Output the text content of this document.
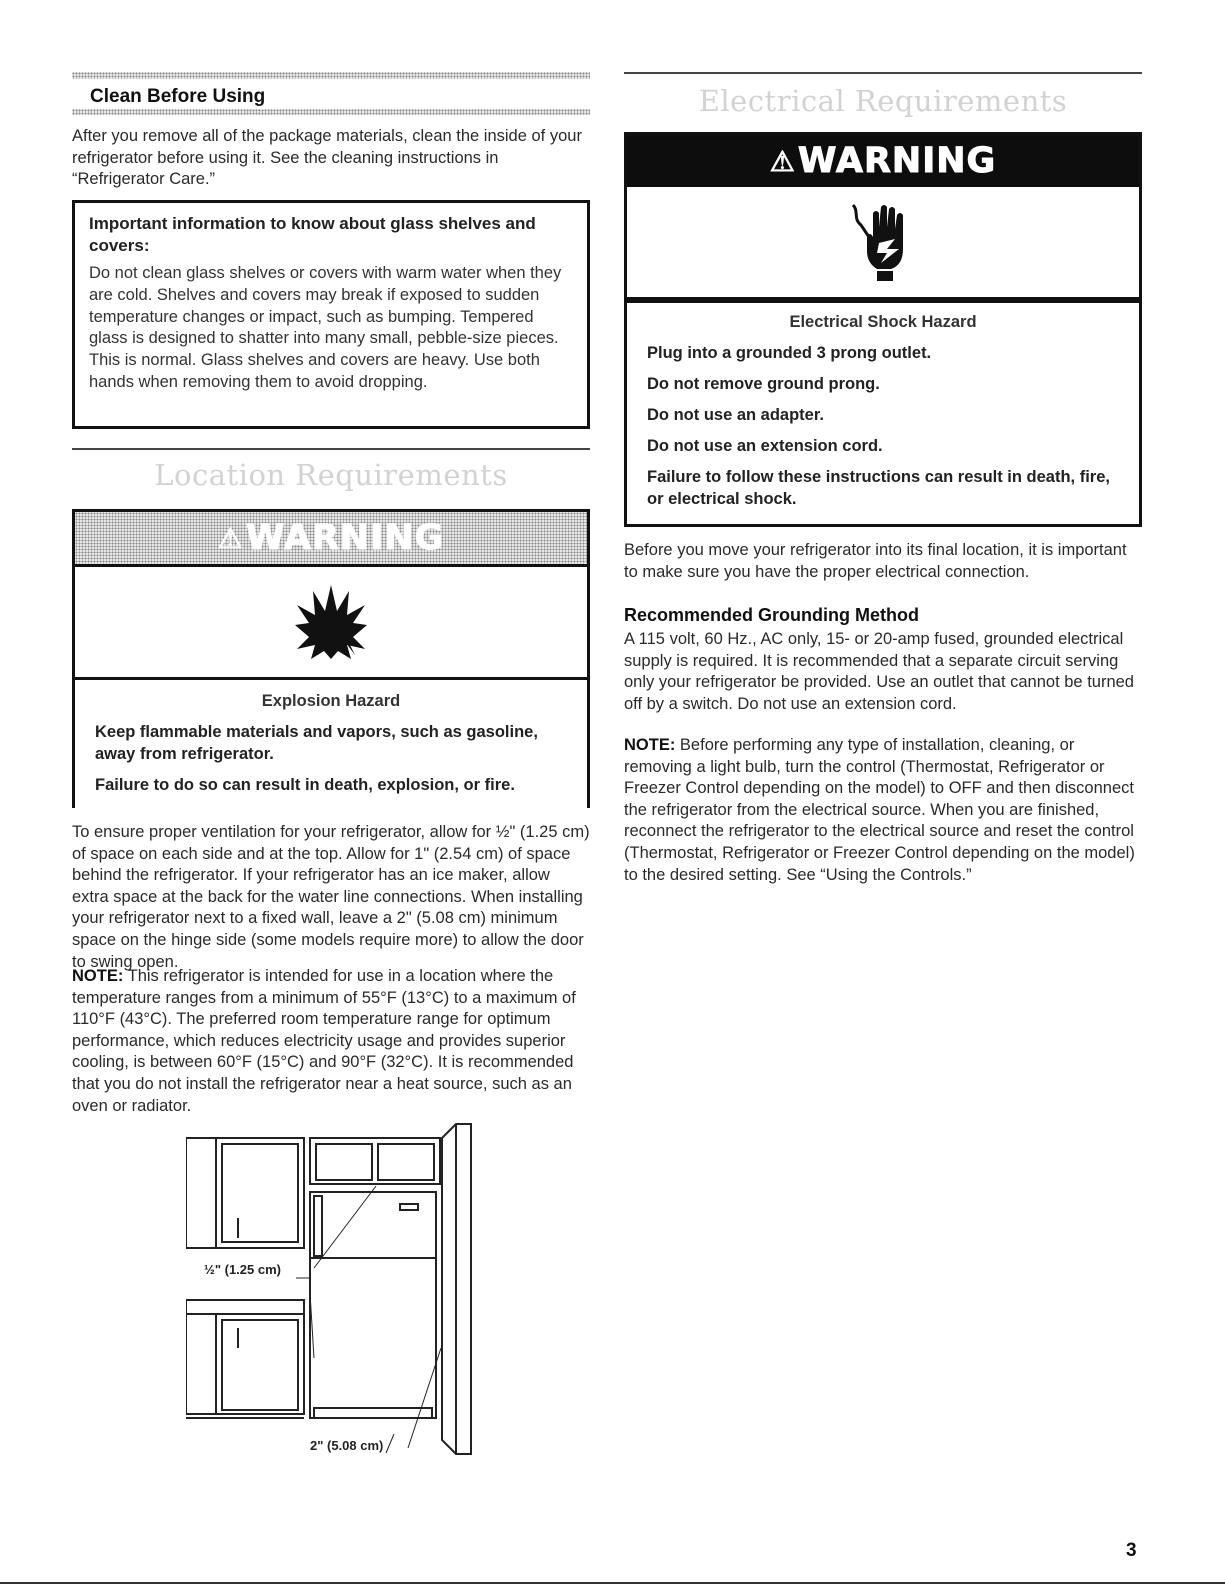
Clean Before Using
After you remove all of the package materials, clean the inside of your refrigerator before using it. See the cleaning instructions in “Refrigerator Care.”
Important information to know about glass shelves and covers:
Do not clean glass shelves or covers with warm water when they are cold. Shelves and covers may break if exposed to sudden temperature changes or impact, such as bumping. Tempered glass is designed to shatter into many small, pebble-size pieces. This is normal. Glass shelves and covers are heavy. Use both hands when removing them to avoid dropping.
Location Requirements
⚠ WARNING
Explosion Hazard
Keep flammable materials and vapors, such as gasoline, away from refrigerator.
Failure to do so can result in death, explosion, or fire.
To ensure proper ventilation for your refrigerator, allow for ½" (1.25 cm) of space on each side and at the top. Allow for 1" (2.54 cm) of space behind the refrigerator. If your refrigerator has an ice maker, allow extra space at the back for the water line connections. When installing your refrigerator next to a fixed wall, leave a 2" (5.08 cm) minimum space on the hinge side (some models require more) to allow the door to swing open.
NOTE: This refrigerator is intended for use in a location where the temperature ranges from a minimum of 55°F (13°C) to a maximum of 110°F (43°C). The preferred room temperature range for optimum performance, which reduces electricity usage and provides superior cooling, is between 60°F (15°C) and 90°F (32°C). It is recommended that you do not install the refrigerator near a heat source, such as an oven or radiator.
½" (1.25 cm)
2" (5.08 cm)
Electrical Requirements
⚠ WARNING
Electrical Shock Hazard
Plug into a grounded 3 prong outlet.
Do not remove ground prong.
Do not use an adapter.
Do not use an extension cord.
Failure to follow these instructions can result in death, fire, or electrical shock.
Before you move your refrigerator into its final location, it is important to make sure you have the proper electrical connection.
Recommended Grounding Method
A 115 volt, 60 Hz., AC only, 15- or 20-amp fused, grounded electrical supply is required. It is recommended that a separate circuit serving only your refrigerator be provided. Use an outlet that cannot be turned off by a switch. Do not use an extension cord.
NOTE: Before performing any type of installation, cleaning, or removing a light bulb, turn the control (Thermostat, Refrigerator or Freezer Control depending on the model) to OFF and then disconnect the refrigerator from the electrical source. When you are finished, reconnect the refrigerator to the electrical source and reset the control (Thermostat, Refrigerator or Freezer Control depending on the model) to the desired setting. See “Using the Controls.”
3
